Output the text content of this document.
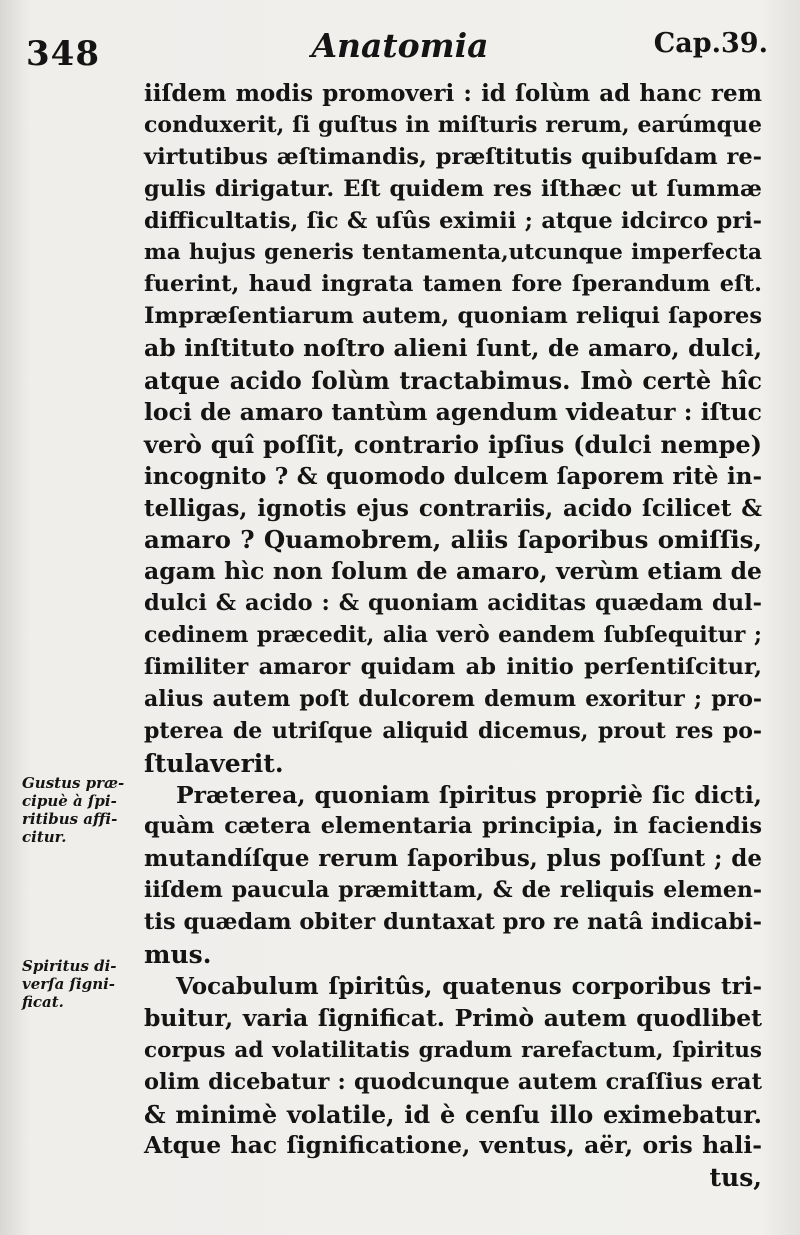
348	Anatomia	Cap.39.
Gustus præ-
cipuè à ſpi-
ritibus affi-
citur.
Spiritus di-
verſa ſigni-
ficat.
iiſdem modis promoveri : id ſolùm ad hanc rem
conduxerit, ſi guſtus in miſturis rerum, earúmque
virtutibus æſtimandis, præſtitutis quibuſdam re-
gulis dirigatur. Eſt quidem res iſthæc ut ſummæ
difficultatis, ſic & uſûs eximii ; atque idcirco pri-
ma hujus generis tentamenta,utcunque imperfecta
fuerint, haud ingrata tamen fore ſperandum eſt.
Impræſentiarum autem, quoniam reliqui ſapores
ab inſtituto noſtro alieni ſunt, de amaro, dulci,
atque acido ſolùm tractabimus. Imò certè hîc
loci de amaro tantùm agendum videatur : iſtuc
verò quî poſſit, contrario ipſius (dulci nempe)
incognito ? & quomodo dulcem ſaporem ritè in-
telligas, ignotis ejus contrariis, acido ſcilicet &
amaro ? Quamobrem, aliis ſaporibus omiſſis,
agam hìc non ſolum de amaro, verùm etiam de
dulci & acido : & quoniam aciditas quædam dul-
cedinem præcedit, alia verò eandem ſubſequitur ;
ſimiliter amaror quidam ab initio perſentiſcitur,
alius autem poſt dulcorem demum exoritur ; pro-
pterea de utriſque aliquid dicemus, prout res po-
ſtulaverit.
Præterea, quoniam ſpiritus propriè ſic dicti,
quàm cætera elementaria principia, in faciendis
mutandíſque rerum ſaporibus, plus poſſunt ; de
iiſdem paucula præmittam, & de reliquis elemen-
tis quædam obiter duntaxat pro re natâ indicabi-
mus.
Vocabulum ſpiritûs, quatenus corporibus tri-
buitur, varia ſignificat. Primò autem quodlibet
corpus ad volatilitatis gradum rarefactum, ſpiritus
olim dicebatur : quodcunque autem craſſius erat
& minimè volatile, id è cenſu illo eximebatur.
Atque hac ſignificatione, ventus, aër, oris hali-
tus,
